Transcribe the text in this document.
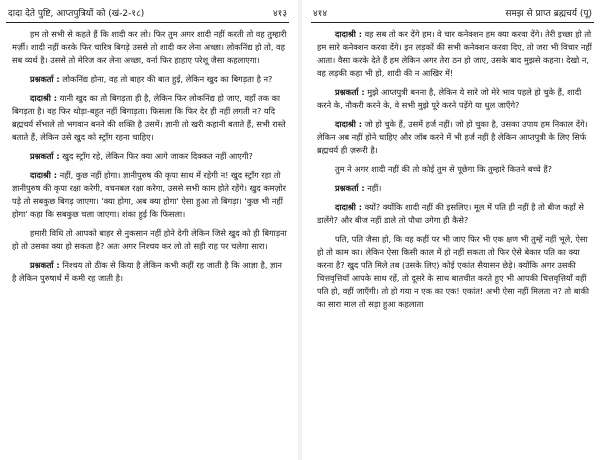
दादा देते पुष्टि, आप्तपुत्रियों को (खं-2-१८)	४१३

हम तो सभी से कहते हैं कि शादी कर लो। फिर तुम अगर शादी नहीं करती तो वह तुम्हारी मर्ज़ी। शादी नहीं करके फिर चारित्र बिगड़े उससे तो शादी कर लेना अच्छा। लोकनिंद्य हो तो, वह सब व्यर्थ है। उससे तो मेरिज कर लेना अच्छा, वर्ना फिर हाहाए परेशू जैसा कहलाएगा।

प्रश्नकर्ता : लोकनिंद्य होना, वह तो बाहर की बात हुई, लेकिन खुद का बिगड़ता है न?

दादाश्री : यानी खुद का तो बिगड़ता ही है, लेकिन फिर लोकनिंद्य हो जाए, वहाँ तक का बिगड़ता है। वह फिर थोड़ा-बहुत नहीं बिगाड़ता। फिसला कि फिर देर ही नहीं लगती न? यदि ब्रह्मचर्य सँभाले तो भगवान बनने की शक्ति है उसमें। ज्ञानी तो खरी कहानी बताते हैं, सभी रास्ते बताते हैं, लेकिन उसे खुद को स्ट्रॉंग रहना चाहिए।

प्रश्नकर्ता : खुद स्ट्रॉंग रहे, लेकिन फिर क्या आगे जाकर दिक्कत नहीं आएगी?

दादाश्री : नहीं, कुछ नहीं होगा। ज्ञानीपुरुष की कृपा साथ में रहेगी न! खुद स्ट्रॉंग रहा तो ज्ञानीपुरुष की कृपा रक्षा करेगी, वचनबल रक्षा करेगा, उससे सभी काम होते रहेंगे। खुद कमज़ोर पड़े तो सबकुछ बिगड़ जाएगा। 'क्या होगा, अब क्या होगा' ऐसा हुआ तो बिगड़ा। 'कुछ भी नहीं होगा' कहा कि सबकुछ चला जाएगा। शंका हुई कि फिसला।

हमारी विधि तो आपको बाहर से नुकसान नहीं होने देगी लेकिन जिसे खुद को ही बिगाड़ना हो तो उसका क्या हो सकता है? अतः अगर निश्चय कर लो तो सही राह पर चलेगा सारा।

प्रश्नकर्ता : निश्चय तो ठीक से किया है लेकिन कभी कहीं रह जाती है कि आज्ञा है, ज्ञान है लेकिन पुरुषार्थ में कमी रह जाती है।

४१४	समझ से प्राप्त ब्रह्मचर्य (पू)

दादाश्री : वह सब तो कर देंगे हम। वे चार कनेक्शन हम क्या करवा देंगे। तेरी इच्छा हो तो हम सारे कनेक्शन करवा देंगे। इन लड़कों की सभी कनेक्शन करवा दिए, तो जरा भी विचार नहीं आता। वैसा करके देते हैं हम लेकिन अगर तेरा ठन हो जाए, उसके बाद मुझसे कहना। देखो न, वह लड़की कहा भी हो, शादी की न आखिर में!

प्रश्नकर्ता : मुझे आप्तपुत्री बनना है, लेकिन ये सारे जो मेरे भाव पहले हो चुके हैं, शादी करने के, नौकरी करने के, वे सभी मुझे पूरे करने पड़ेंगे या धुल जाएँगे?

दादाश्री : जो हो चुके हैं, उसमें हर्ज नहीं। जो हो चुका है, उसका उपाय हम निकाल देंगे। लेकिन अब नहीं होने चाहिए और जॉब करने में भी हर्ज नहीं है लेकिन आप्तपुत्री के लिए सिर्फ ब्रह्मचर्य ही ज़रूरी है।

तुम ने अगर शादी नहीं की तो कोई तुम से पूछेगा कि तुम्हारे कितने बच्चे हैं?

प्रश्नकर्ता : नहीं।

दादाश्री : क्यों? क्योंकि शादी नहीं की इसलिए। मूल में पति ही नहीं है तो बीज कहाँ से डालेंगे? और बीज नहीं डाले तो पौधा उगेगा ही कैसे?

पति, पति जैसा हो, कि वह कहीं पर भी जाए फिर भी एक क्षण भी तुम्हें नहीं भूले, ऐसा हो तो काम का। लेकिन ऐसा किसी काल में हो नहीं सकता तो फिर ऐसे बेकार पति का क्या करना है? खुद पति मिले तब (उसके लिए) कोई एकांत सैयासन छेड़े। क्योंकि अगर उसकी चित्तवृत्तियाँ आपके साथ रहें, तो दूसरे के साथ बातचीत करते हुए भी आपकी चित्तवृत्तियाँ वहीं पति हो, वहीं जाएँगी। तो हो गया न एक का एक! एकांत! अभी ऐसा नहीं मिलता न? तो बाकी का सारा माल तो सड़ा हुआ कहलाता
